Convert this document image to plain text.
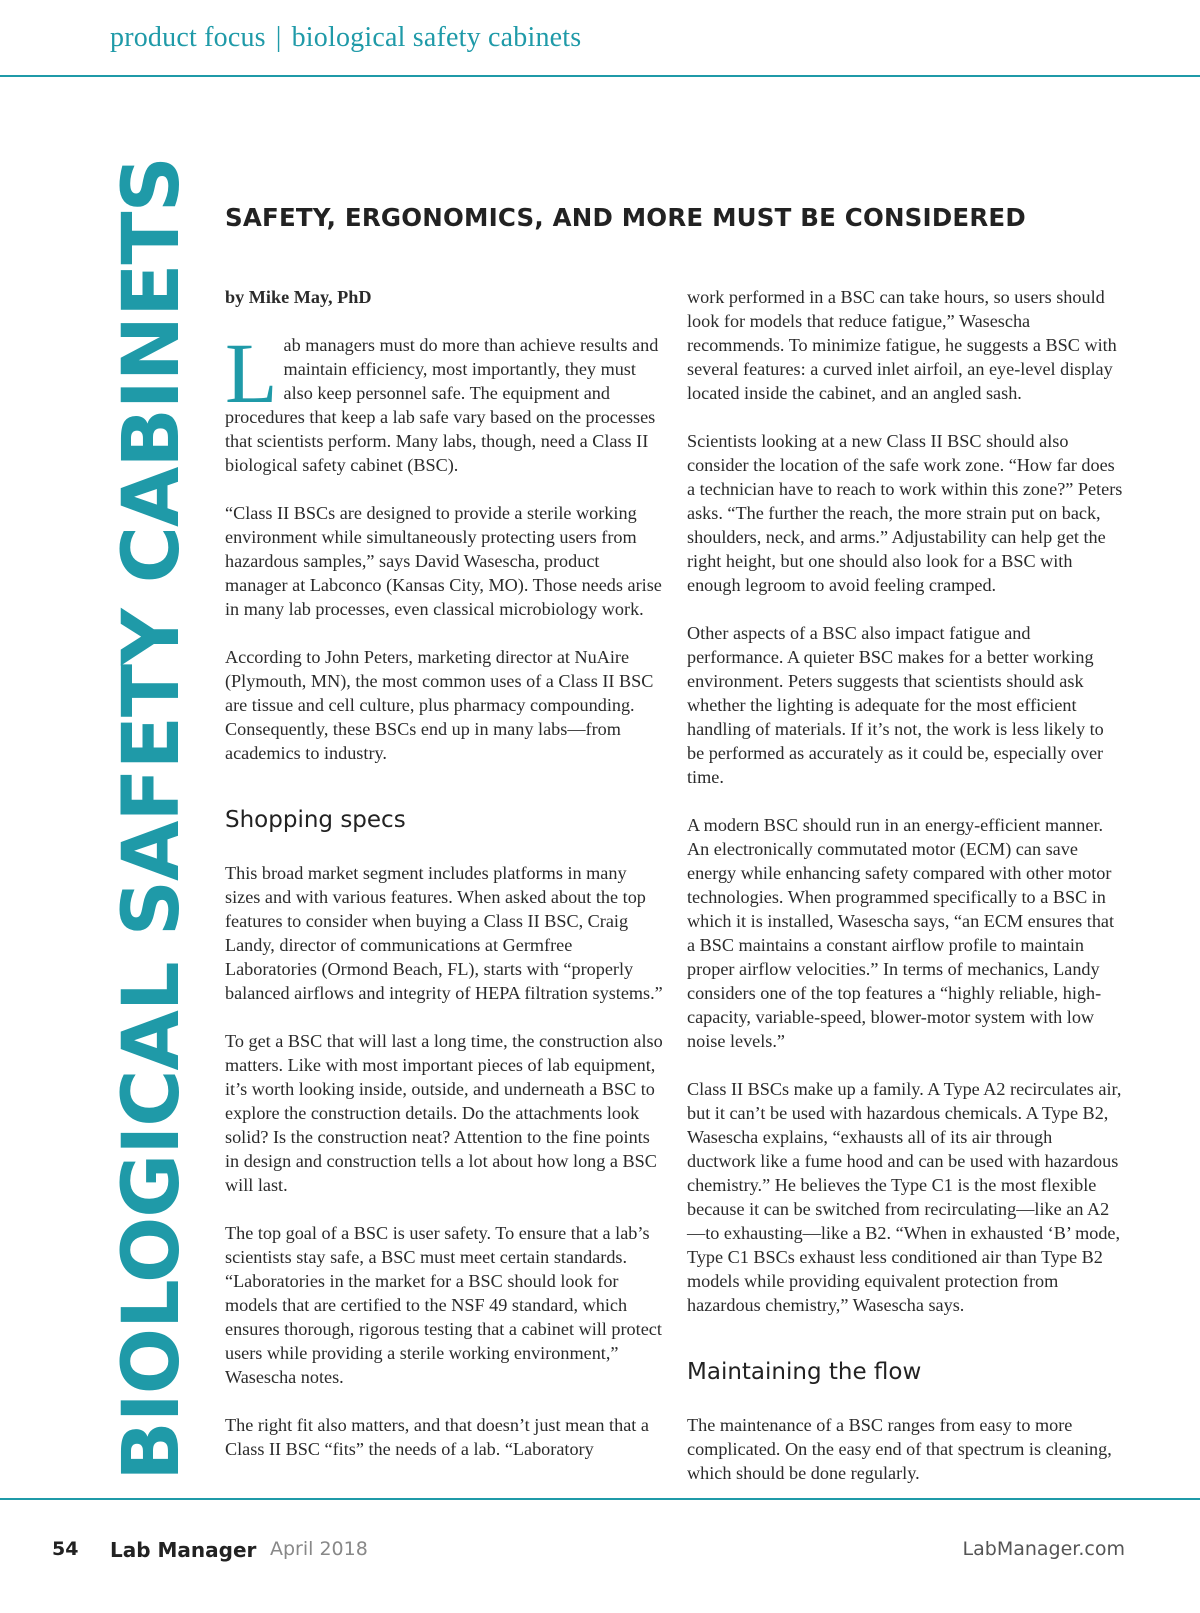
product focus | biological safety cabinets
BIOLOGICAL SAFETY CABINETS SAFETY, ERGONOMICS, AND MORE MUST BE CONSIDERED

by Mike May, PhD

Lab managers must do more than achieve results and maintain efficiency, most importantly, they must also keep personnel safe. The equipment and procedures that keep a lab safe vary based on the processes that scientists perform. Many labs, though, need a Class II biological safety cabinet (BSC).

“Class II BSCs are designed to provide a sterile working environment while simultaneously protecting users from hazardous samples,” says David Wasescha, product manager at Labconco (Kansas City, MO). Those needs arise in many lab processes, even classical microbiology work.

According to John Peters, marketing director at NuAire (Plymouth, MN), the most common uses of a Class II BSC are tissue and cell culture, plus pharmacy compounding. Consequently, these BSCs end up in many labs—from academics to industry.

Shopping specs

This broad market segment includes platforms in many sizes and with various features. When asked about the top features to consider when buying a Class II BSC, Craig Landy, director of communications at Germfree Laboratories (Ormond Beach, FL), starts with “properly balanced airflows and integrity of HEPA filtration systems.”

To get a BSC that will last a long time, the construction also matters. Like with most important pieces of lab equipment, it’s worth looking inside, outside, and underneath a BSC to explore the construction details. Do the attachments look solid? Is the construction neat? Attention to the fine points in design and construction tells a lot about how long a BSC will last.

The top goal of a BSC is user safety. To ensure that a lab’s scientists stay safe, a BSC must meet certain standards. “Laboratories in the market for a BSC should look for models that are certified to the NSF 49 standard, which ensures thorough, rigorous testing that a cabinet will protect users while providing a sterile working environment,” Wasescha notes.

The right fit also matters, and that doesn’t just mean that a Class II BSC “fits” the needs of a lab. “Laboratory

work performed in a BSC can take hours, so users should look for models that reduce fatigue,” Wasescha recommends. To minimize fatigue, he suggests a BSC with several features: a curved inlet airfoil, an eye-level display located inside the cabinet, and an angled sash.

Scientists looking at a new Class II BSC should also consider the location of the safe work zone. “How far does a technician have to reach to work within this zone?” Peters asks. “The further the reach, the more strain put on back, shoulders, neck, and arms.” Adjustability can help get the right height, but one should also look for a BSC with enough legroom to avoid feeling cramped.

Other aspects of a BSC also impact fatigue and performance. A quieter BSC makes for a better working environment. Peters suggests that scientists should ask whether the lighting is adequate for the most efficient handling of materials. If it’s not, the work is less likely to be performed as accurately as it could be, especially over time.

A modern BSC should run in an energy-efficient manner. An electronically commutated motor (ECM) can save energy while enhancing safety compared with other motor technologies. When programmed specifically to a BSC in which it is installed, Wasescha says, “an ECM ensures that a BSC maintains a constant airflow profile to maintain proper airflow velocities.” In terms of mechanics, Landy considers one of the top features a “highly reliable, high-capacity, variable-speed, blower-motor system with low noise levels.”

Class II BSCs make up a family. A Type A2 recirculates air, but it can’t be used with hazardous chemicals. A Type B2, Wasescha explains, “exhausts all of its air through ductwork like a fume hood and can be used with hazardous chemistry.” He believes the Type C1 is the most flexible because it can be switched from recirculating—like an A2—to exhausting—like a B2. “When in exhausted ‘B’ mode, Type C1 BSCs exhaust less conditioned air than Type B2 models while providing equivalent protection from hazardous chemistry,” Wasescha says.

Maintaining the flow

The maintenance of a BSC ranges from easy to more complicated. On the easy end of that spectrum is cleaning, which should be done regularly.

54 Lab Manager April 2018	LabManager.com
